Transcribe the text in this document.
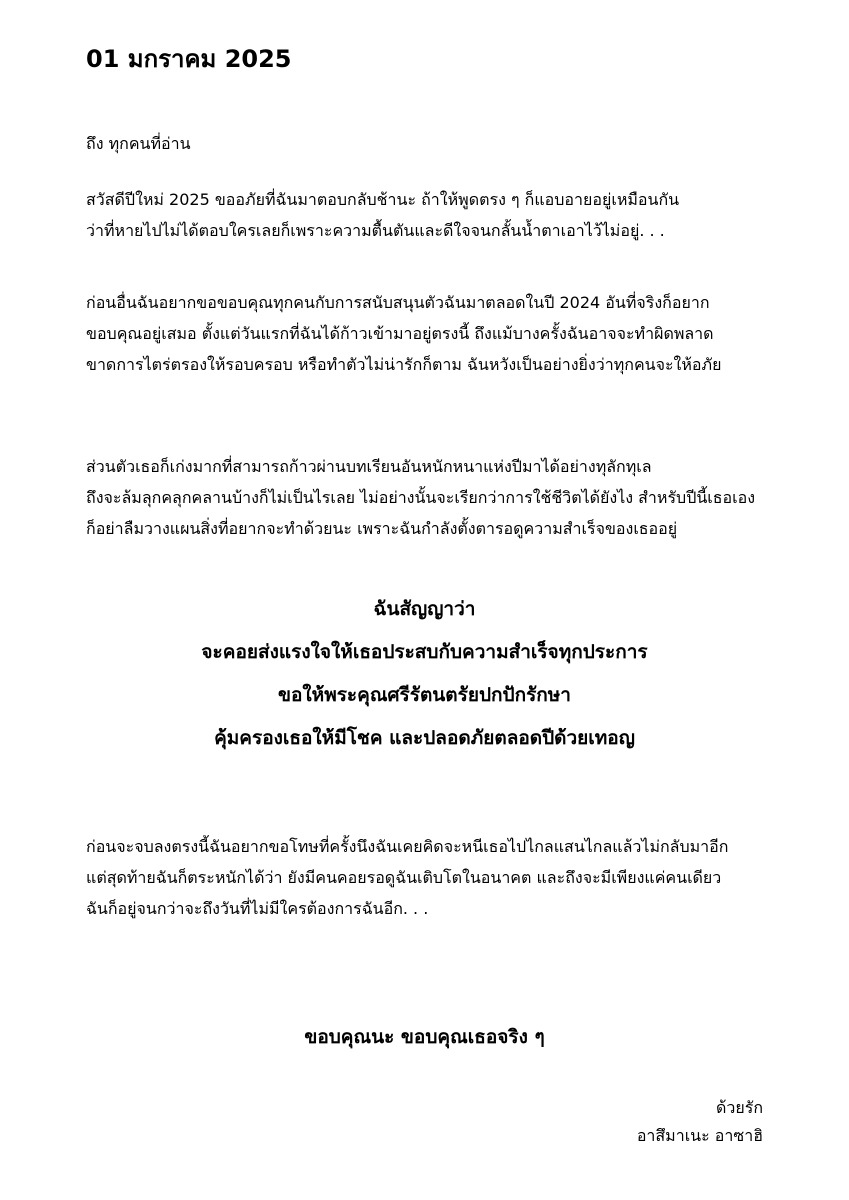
01 มกราคม 2025
ถึง ทุกคนที่อ่าน
สวัสดีปีใหม่ 2025 ขออภัยที่ฉันมาตอบกลับช้านะ ถ้าให้พูดตรง ๆ ก็แอบอายอยู่เหมือนกัน
ว่าที่หายไปไม่ได้ตอบใครเลยก็เพราะความตื้นตันและดีใจจนกลั้นน้ำตาเอาไว้ไม่อยู่. . .
ก่อนอื่นฉันอยากขอขอบคุณทุกคนกับการสนับสนุนตัวฉันมาตลอดในปี 2024 อันที่จริงก็อยาก
ขอบคุณอยู่เสมอ ตั้งแต่วันแรกที่ฉันได้ก้าวเข้ามาอยู่ตรงนี้ ถึงแม้บางครั้งฉันอาจจะทำผิดพลาด
ขาดการไตร่ตรองให้รอบครอบ หรือทำตัวไม่น่ารักก็ตาม ฉันหวังเป็นอย่างยิ่งว่าทุกคนจะให้อภัย
ส่วนตัวเธอก็เก่งมากที่สามารถก้าวผ่านบทเรียนอันหนักหนาแห่งปีมาได้อย่างทุลักทุเล
ถึงจะล้มลุกคลุกคลานบ้างก็ไม่เป็นไรเลย ไม่อย่างนั้นจะเรียกว่าการใช้ชีวิตได้ยังไง สำหรับปีนี้เธอเอง
ก็อย่าลืมวางแผนสิ่งที่อยากจะทำด้วยนะ เพราะฉันกำลังตั้งตารอดูความสำเร็จของเธออยู่
ฉันสัญญาว่า
จะคอยส่งแรงใจให้เธอประสบกับความสำเร็จทุกประการ
ขอให้พระคุณศรีรัตนตรัยปกปักรักษา
คุ้มครองเธอให้มีโชค และปลอดภัยตลอดปีด้วยเทอญ
ก่อนจะจบลงตรงนี้ฉันอยากขอโทษที่ครั้งนึงฉันเคยคิดจะหนีเธอไปไกลแสนไกลแล้วไม่กลับมาอีก
แต่สุดท้ายฉันก็ตระหนักได้ว่า ยังมีคนคอยรอดูฉันเติบโตในอนาคต และถึงจะมีเพียงแค่คนเดียว
ฉันก็อยู่จนกว่าจะถึงวันที่ไม่มีใครต้องการฉันอีก. . .
ขอบคุณนะ ขอบคุณเธอจริง ๆ
ด้วยรัก
อาสึมาเนะ อาซาฮิ
